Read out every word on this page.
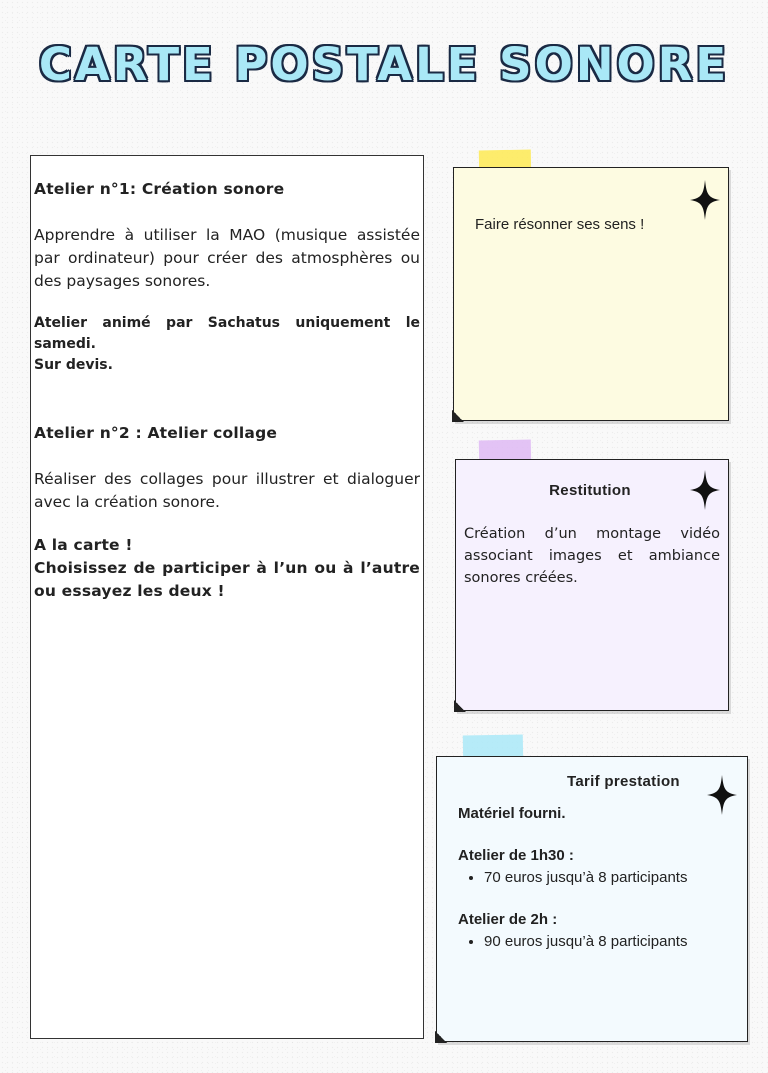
CARTE POSTALE SONORE
Atelier n°1: Création sonore

Apprendre à utiliser la MAO (musique assistée par ordinateur) pour créer des atmosphères ou des paysages sonores.

Atelier animé par Sachatus uniquement le samedi.

Sur devis.

Atelier n°2 : Atelier collage

Réaliser des collages pour illustrer et dialoguer avec la création sonore.

A la carte !

Choisissez de participer à l’un ou à l’autre ou essayez les deux !

Faire résonner ses sens !
Restitution
Création d’un montage vidéo associant images et ambiance sonores créées.
Tarif prestation

Matériel fourni.

Atelier de 1h30 :

• 70 euros jusqu’à 8 participants

Atelier de 2h :

• 90 euros jusqu’à 8 participants
